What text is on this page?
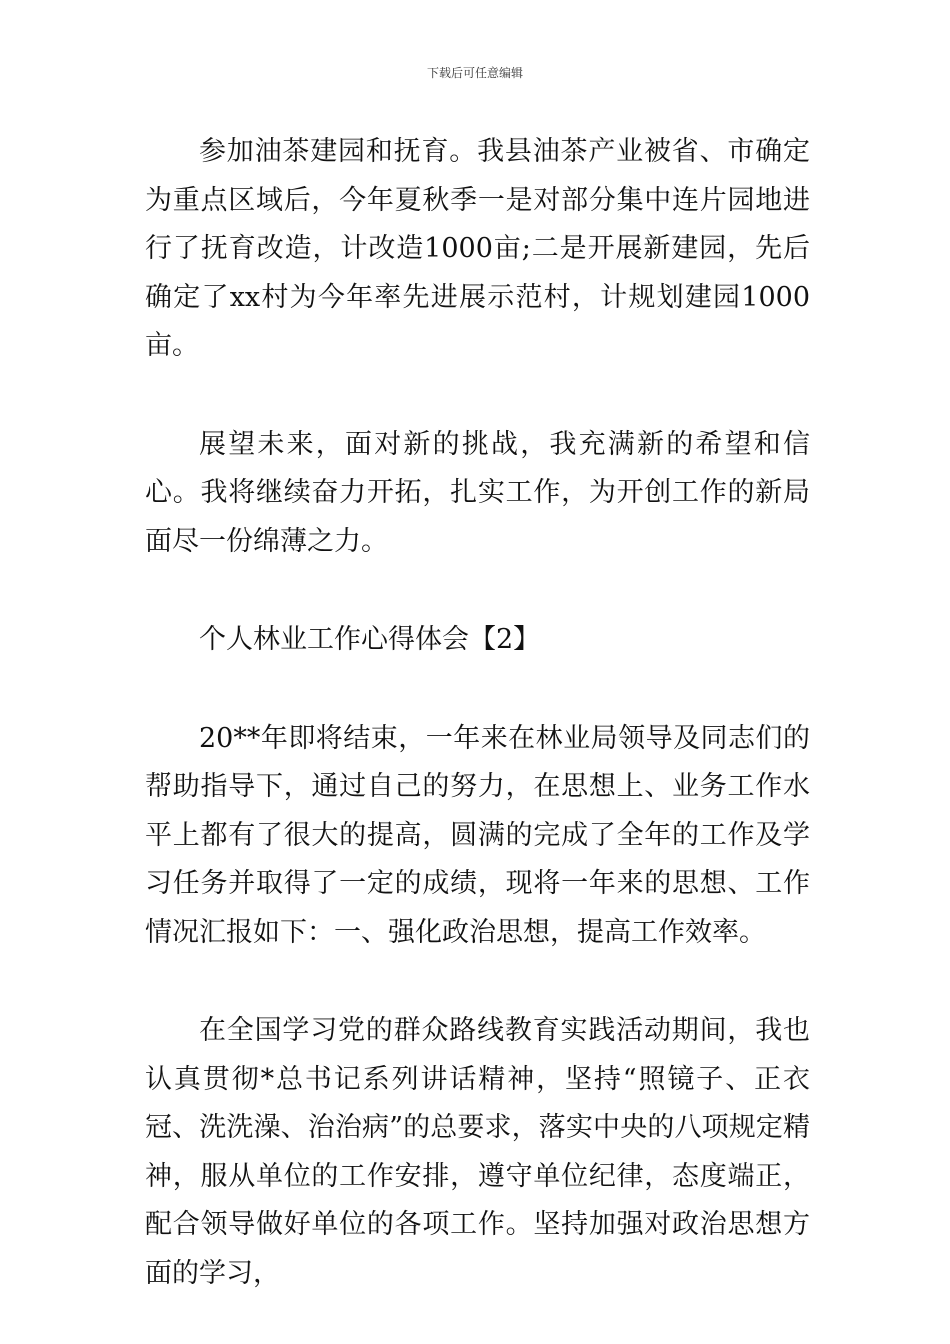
下载后可任意编辑

参加油茶建园和抚育。我县油茶产业被省、市确定为重点区域后，今年夏秋季一是对部分集中连片园地进行了抚育改造，计改造1000亩;二是开展新建园，先后确定了xx村为今年率先进展示范村，计规划建园1000亩。

展望未来，面对新的挑战，我充满新的希望和信心。我将继续奋力开拓，扎实工作，为开创工作的新局面尽一份绵薄之力。

个人林业工作心得体会【2】

20**年即将结束，一年来在林业局领导及同志们的帮助指导下，通过自己的努力，在思想上、业务工作水平上都有了很大的提高，圆满的完成了全年的工作及学习任务并取得了一定的成绩，现将一年来的思想、工作情况汇报如下：一、强化政治思想，提高工作效率。

在全国学习党的群众路线教育实践活动期间，我也认真贯彻*总书记系列讲话精神，坚持“照镜子、正衣冠、洗洗澡、治治病”的总要求，落实中央的八项规定精神，服从单位的工作安排，遵守单位纪律，态度端正，配合领导做好单位的各项工作。坚持加强对政治思想方面的学习，
